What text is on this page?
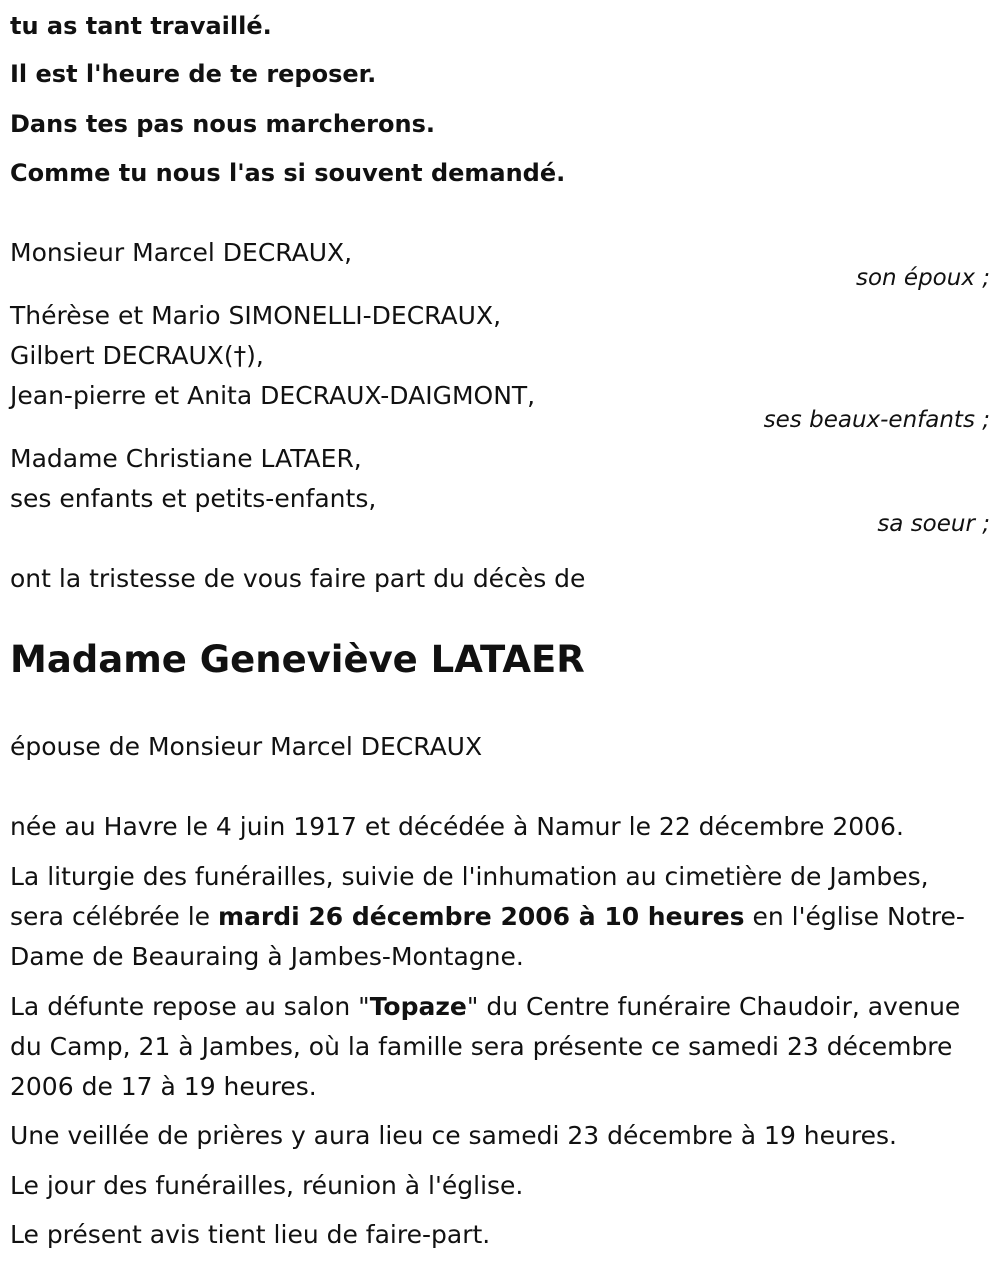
tu as tant travaillé.
Il est l'heure de te reposer.
Dans tes pas nous marcherons.
Comme tu nous l'as si souvent demandé.
Monsieur Marcel DECRAUX,
son époux ;
Thérèse et Mario SIMONELLI-DECRAUX,
Gilbert DECRAUX(†),
Jean-pierre et Anita DECRAUX-DAIGMONT,
ses beaux-enfants ;
Madame Christiane LATAER,
ses enfants et petits-enfants,
sa soeur ;
ont la tristesse de vous faire part du décès de
Madame Geneviève LATAER
épouse de Monsieur Marcel DECRAUX
née au Havre le 4 juin 1917 et décédée à Namur le 22 décembre 2006.
La liturgie des funérailles, suivie de l'inhumation au cimetière de Jambes, sera célébrée le mardi 26 décembre 2006 à 10 heures en l'église Notre-Dame de Beauraing à Jambes-Montagne.
La défunte repose au salon "Topaze" du Centre funéraire Chaudoir, avenue du Camp, 21 à Jambes, où la famille sera présente ce samedi 23 décembre 2006 de 17 à 19 heures.
Une veillée de prières y aura lieu ce samedi 23 décembre à 19 heures.
Le jour des funérailles, réunion à l'église.
Le présent avis tient lieu de faire-part.
